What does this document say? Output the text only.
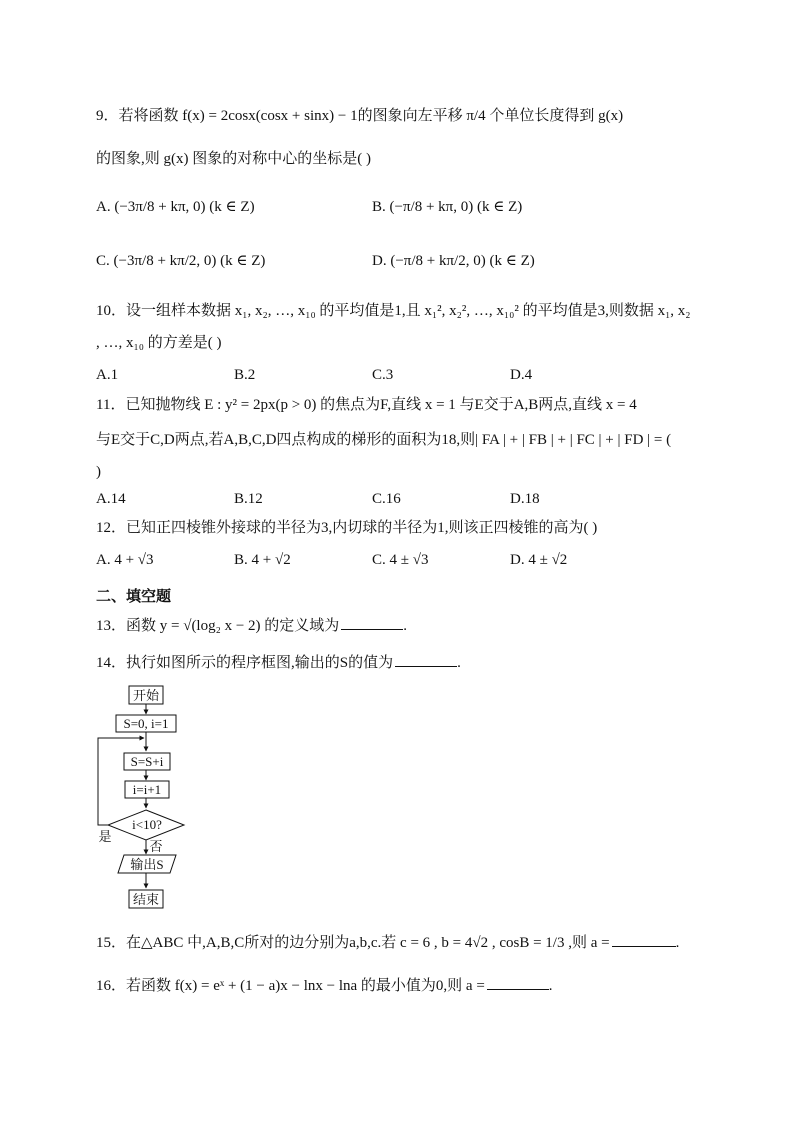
9．若将函数 f(x) = 2cosx(cosx + sinx) − 1的图象向左平移 π/4 个单位长度得到 g(x)
的图象,则 g(x) 图象的对称中心的坐标是( )
A. (−3π/8 + kπ, 0) (k ∈ Z)	B. (−π/8 + kπ, 0) (k ∈ Z)
C. (−3π/8 + kπ/2, 0) (k ∈ Z)	D. (−π/8 + kπ/2, 0) (k ∈ Z)
10．设一组样本数据 x₁, x₂, …, x₁₀ 的平均值是1,且 x₁², x₂², …, x₁₀² 的平均值是3,则数据 x₁, x₂
, …, x₁₀ 的方差是( )
A.1	B.2	C.3	D.4
11．已知抛物线 E : y² = 2px(p > 0) 的焦点为F,直线 x = 1 与E交于A,B两点,直线 x = 4
与E交于C,D两点,若A,B,C,D四点构成的梯形的面积为18,则| FA | + | FB | + | FC | + | FD | = (
)
A.14	B.12	C.16	D.18
12．已知正四棱锥外接球的半径为3,内切球的半径为1,则该正四棱锥的高为( )
A. 4 + √3	B. 4 + √2	C. 4 ± √3	D. 4 ± √2
二、填空题
13．函数 y = √(log₂ x − 2) 的定义域为	.
14．执行如图所示的程序框图,输出的S的值为	.
开始
S=0, i=1
S=S+i
i=i+1
i<10?
是
否
输出S
结束
15．在△ABC 中,A,B,C所对的边分别为a,b,c.若 c = 6 , b = 4√2 , cosB = 1/3 ,则 a =	.
16．若函数 f(x) = eˣ + (1 − a)x − lnx − lna 的最小值为0,则 a =	.
